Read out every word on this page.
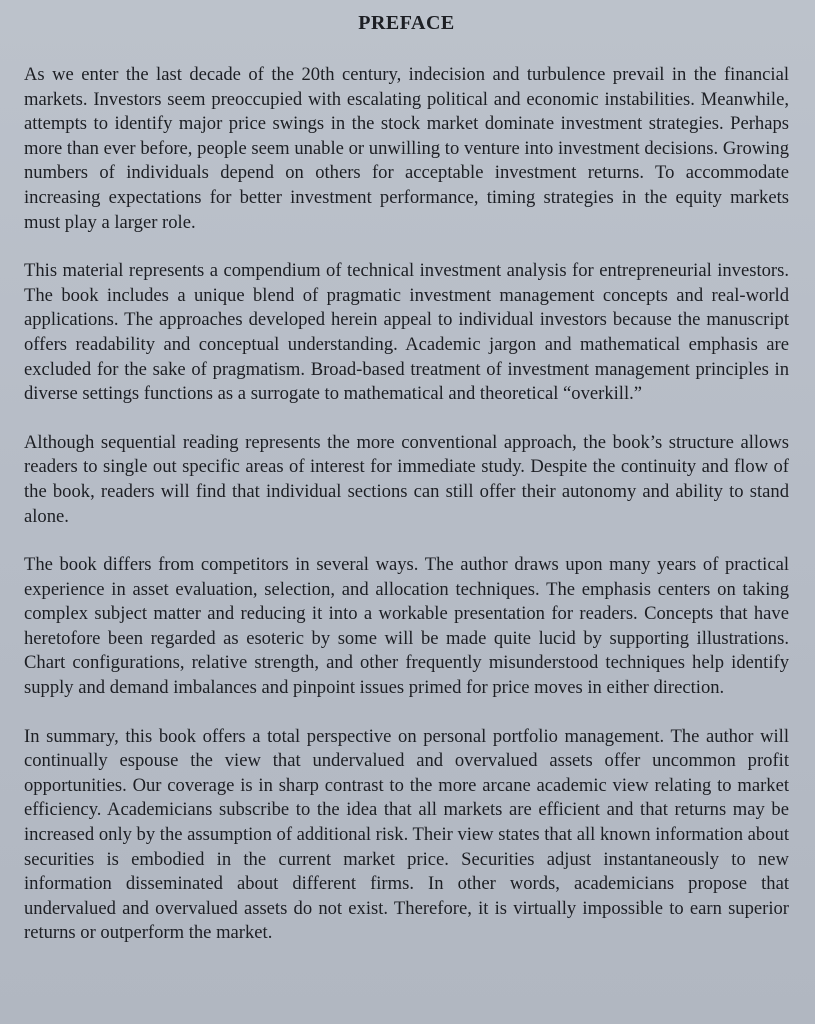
PREFACE

As we enter the last decade of the 20th century, indecision and turbulence prevail in the financial markets. Investors seem preoccupied with escalating political and economic instabilities. Meanwhile, attempts to identify major price swings in the stock market dominate investment strategies. Perhaps more than ever before, people seem unable or unwilling to venture into investment decisions. Growing numbers of individuals depend on others for acceptable investment returns. To accommodate increasing expectations for better investment performance, timing strategies in the equity markets must play a larger role.

This material represents a compendium of technical investment analysis for entrepreneurial investors. The book includes a unique blend of pragmatic investment management concepts and real-world applications. The approaches developed herein appeal to individual investors because the manuscript offers readability and conceptual understanding. Academic jargon and mathematical emphasis are excluded for the sake of pragmatism. Broad-based treatment of investment management principles in diverse settings functions as a surrogate to mathematical and theoretical “overkill.”

Although sequential reading represents the more conventional approach, the book’s structure allows readers to single out specific areas of interest for immediate study. Despite the continuity and flow of the book, readers will find that individual sections can still offer their autonomy and ability to stand alone.

The book differs from competitors in several ways. The author draws upon many years of practical experience in asset evaluation, selection, and allocation techniques. The emphasis centers on taking complex subject matter and reducing it into a workable presentation for readers. Concepts that have heretofore been regarded as esoteric by some will be made quite lucid by supporting illustrations. Chart configurations, relative strength, and other frequently misunderstood techniques help identify supply and demand imbalances and pinpoint issues primed for price moves in either direction.

In summary, this book offers a total perspective on personal portfolio management. The author will continually espouse the view that undervalued and overvalued assets offer uncommon profit opportunities. Our coverage is in sharp contrast to the more arcane academic view relating to market efficiency. Academicians subscribe to the idea that all markets are efficient and that returns may be increased only by the assumption of additional risk. Their view states that all known information about securities is embodied in the current market price. Securities adjust instantaneously to new information disseminated about different firms. In other words, academicians propose that undervalued and overvalued assets do not exist. Therefore, it is virtually impossible to earn superior returns or outperform the market.
